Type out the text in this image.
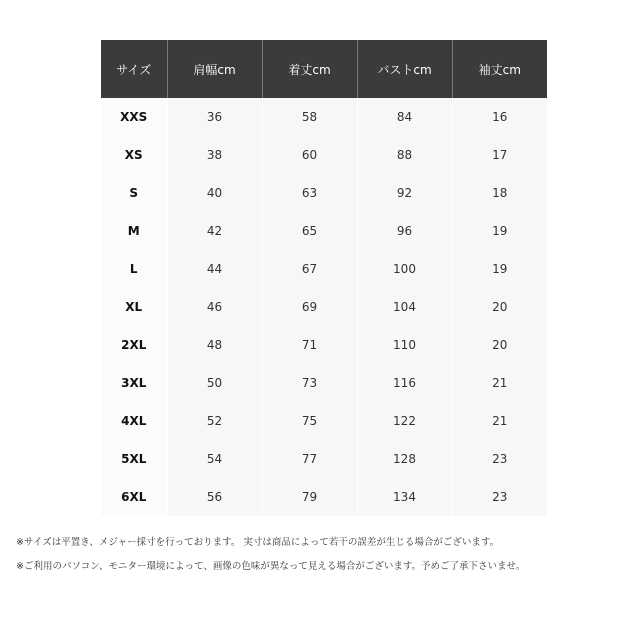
サイズ	肩幅cm	着丈cm	バストcm	袖丈cm
XXS	36	58	84	16
XS	38	60	88	17
S	40	63	92	18
M	42	65	96	19
L	44	67	100	19
XL	46	69	104	20
2XL	48	71	110	20
3XL	50	73	116	21
4XL	52	75	122	21
5XL	54	77	128	23
6XL	56	79	134	23

※サイズは平置き、メジャー採寸を行っております。 実寸は商品によって若干の誤差が生じる場合がございます。

※ご利用のパソコン、モニター環境によって、画像の色味が異なって見える場合がございます。予めご了承下さいませ。
